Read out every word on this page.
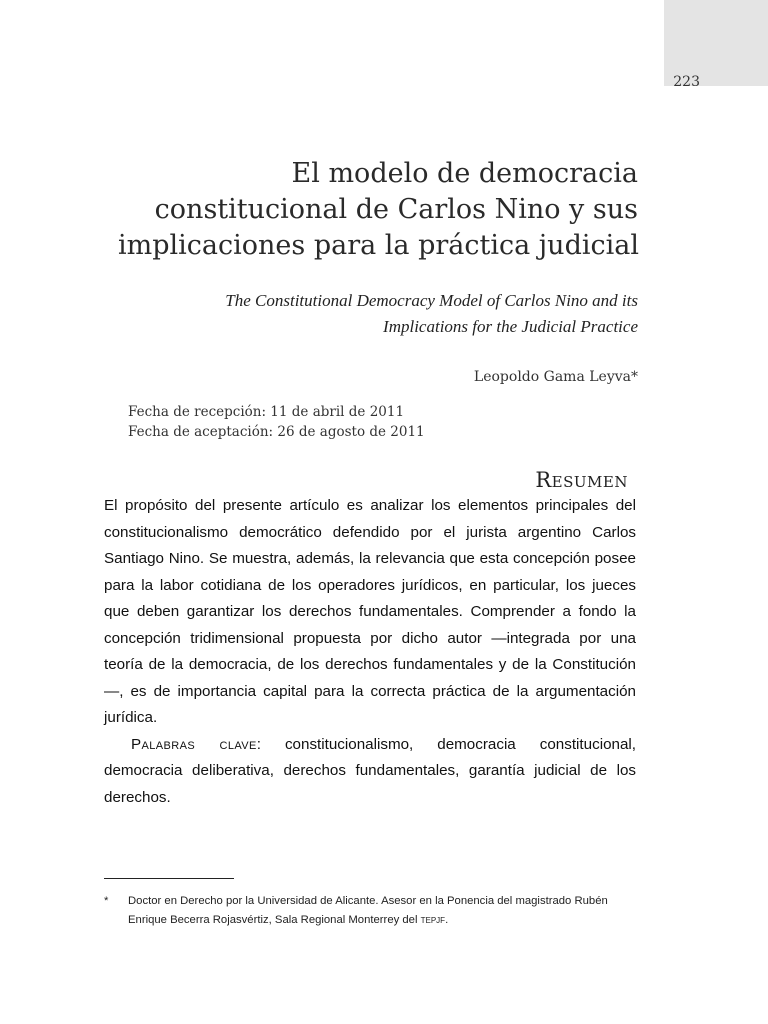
223
El modelo de democracia
constitucional de Carlos Nino y sus
implicaciones para la práctica judicial
The Constitutional Democracy Model of Carlos Nino and its
Implications for the Judicial Practice
Leopoldo Gama Leyva*
Fecha de recepción: 11 de abril de 2011
Fecha de aceptación: 26 de agosto de 2011
Resumen

El propósito del presente artículo es analizar los elementos principales del constitucionalismo democrático defendido por el jurista argentino Carlos Santiago Nino. Se muestra, además, la relevancia que esta concepción posee para la labor cotidiana de los operadores jurídicos, en particular, los jueces que deben garantizar los derechos fundamentales. Comprender a fondo la concepción tridimensional propuesta por dicho autor —integrada por una teoría de la democracia, de los derechos fundamentales y de la Constitución—, es de importancia capital para la correcta práctica de la argumentación jurídica.

Palabras clave: constitucionalismo, democracia constitucional, democracia deliberativa, derechos fundamentales, garantía judicial de los derechos.

* Doctor en Derecho por la Universidad de Alicante. Asesor en la Ponencia del magistrado Rubén Enrique Becerra Rojasvértiz, Sala Regional Monterrey del tepjf.
